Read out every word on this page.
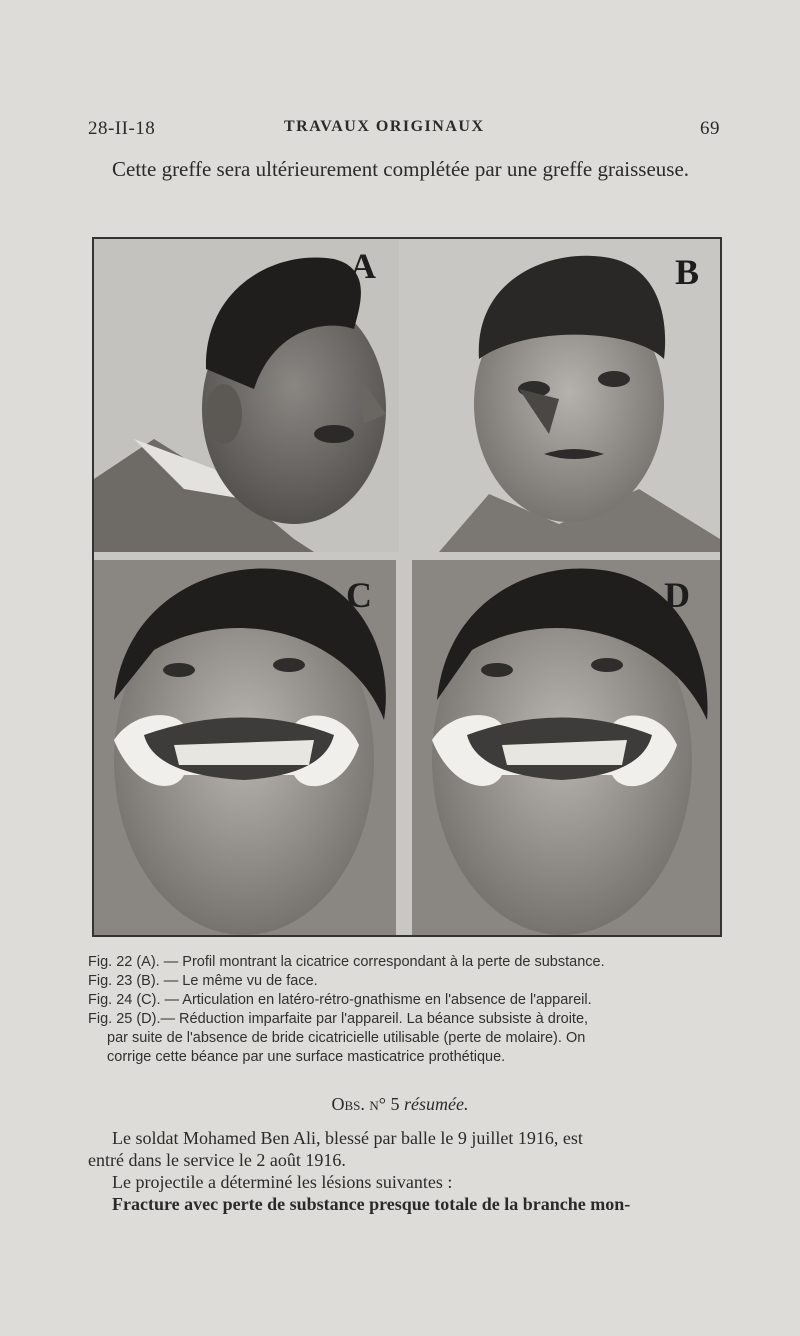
28-II-18	TRAVAUX ORIGINAUX	69

Cette greffe sera ultérieurement complétée par une greffe graisseuse.

A	B
C	D

Fig. 22 (A). — Profil montrant la cicatrice correspondant à la perte de substance.

Fig. 23 (B). — Le même vu de face.

Fig. 24 (C). — Articulation en latéro-rétro-gnathisme en l'absence de l'appareil.

Fig. 25 (D).— Réduction imparfaite par l'appareil. La béance subsiste à droite,

par suite de l'absence de bride cicatricielle utilisable (perte de molaire). On

corrige cette béance par une surface masticatrice prothétique.

Obs. n° 5 résumée.

Le soldat Mohamed Ben Ali, blessé par balle le 9 juillet 1916, est

entré dans le service le 2 août 1916.

Le projectile a déterminé les lésions suivantes :

Fracture avec perte de substance presque totale de la branche mon-
